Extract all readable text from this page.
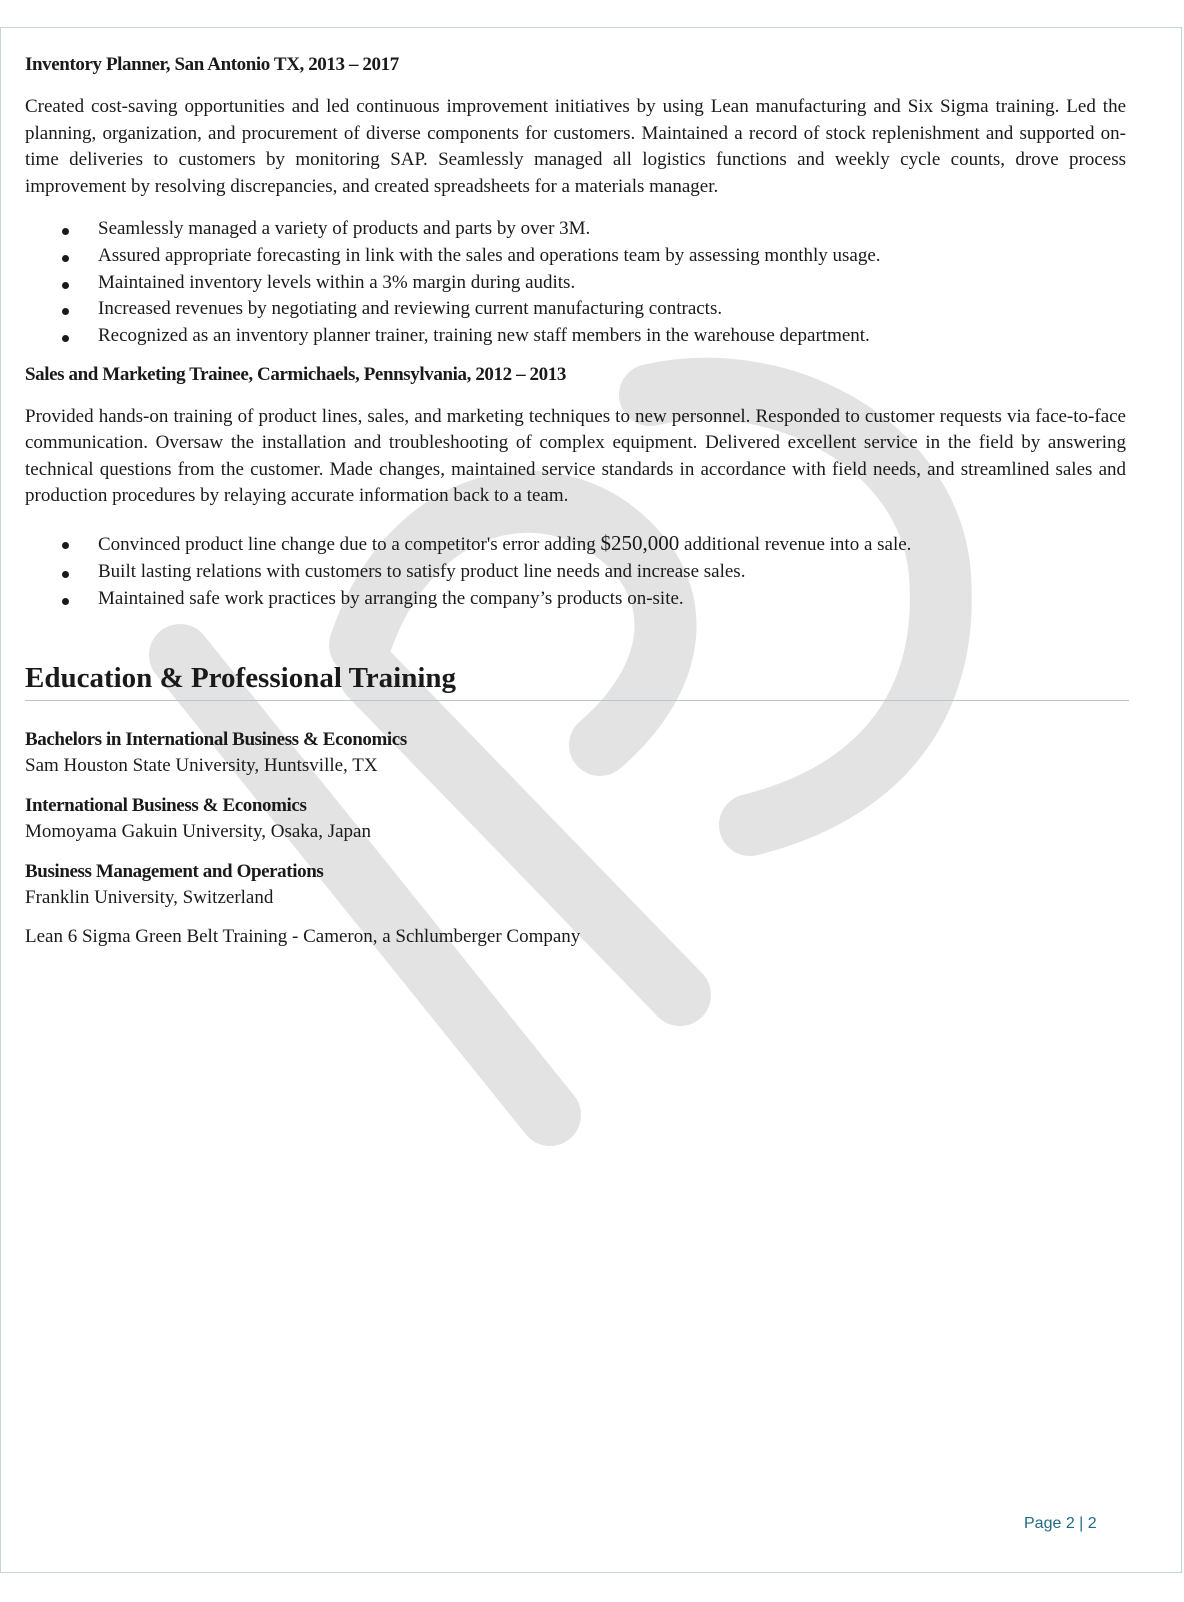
Inventory Planner, San Antonio TX, 2013 – 2017

Created cost-saving opportunities and led continuous improvement initiatives by using Lean manufacturing and Six Sigma training. Led the planning, organization, and procurement of diverse components for customers. Maintained a record of stock replenishment and supported on-time deliveries to customers by monitoring SAP. Seamlessly managed all logistics functions and weekly cycle counts, drove process improvement by resolving discrepancies, and created spreadsheets for a materials manager.

Seamlessly managed a variety of products and parts by over 3M.
Assured appropriate forecasting in link with the sales and operations team by assessing monthly usage.
Maintained inventory levels within a 3% margin during audits.
Increased revenues by negotiating and reviewing current manufacturing contracts.
Recognized as an inventory planner trainer, training new staff members in the warehouse department.

Sales and Marketing Trainee, Carmichaels, Pennsylvania, 2012 – 2013

Provided hands-on training of product lines, sales, and marketing techniques to new personnel. Responded to customer requests via face-to-face communication. Oversaw the installation and troubleshooting of complex equipment. Delivered excellent service in the field by answering technical questions from the customer. Made changes, maintained service standards in accordance with field needs, and streamlined sales and production procedures by relaying accurate information back to a team.

Convinced product line change due to a competitor's error adding $250,000 additional revenue into a sale.
Built lasting relations with customers to satisfy product line needs and increase sales.
Maintained safe work practices by arranging the company’s products on-site.
Education & Professional Training

Bachelors in International Business & Economics

Sam Houston State University, Huntsville, TX

International Business & Economics

Momoyama Gakuin University, Osaka, Japan

Business Management and Operations

Franklin University, Switzerland

Lean 6 Sigma Green Belt Training - Cameron, a Schlumberger Company

Page 2 | 2
